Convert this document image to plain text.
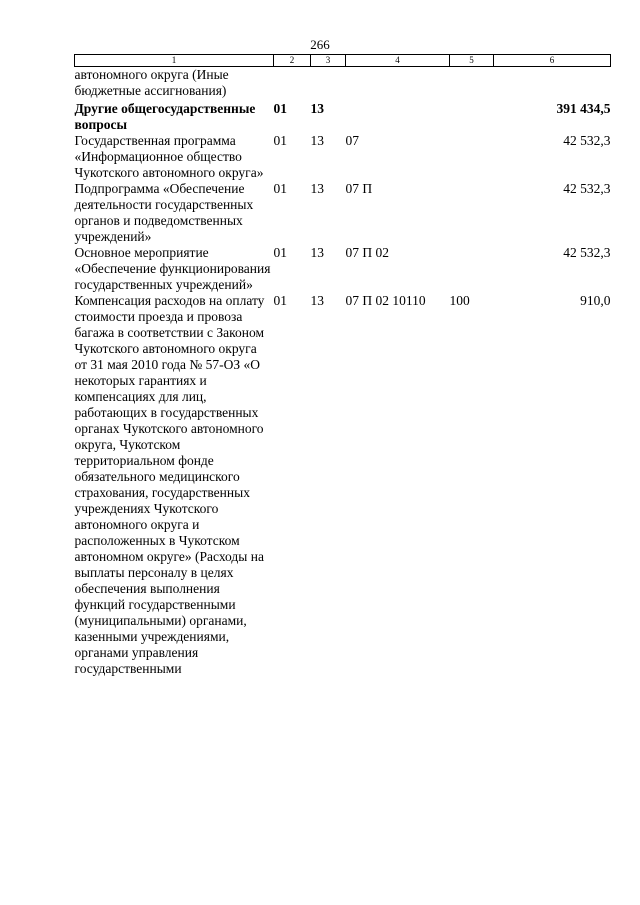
266
1	2	3	4	5	6
автономного округа (Иные бюджетные ассигнования)					
Другие общегосударственные вопросы	01	13			391 434,5
Государственная программа «Информационное общество Чукотского автономного округа»	01	13	07		42 532,3
Подпрограмма «Обеспечение деятельности государственных органов и подведомственных учреждений»	01	13	07 П		42 532,3
Основное мероприятие «Обеспечение функционирования государственных учреждений»	01	13	07 П 02		42 532,3
Компенсация расходов на оплату стоимости проезда и провоза багажа в соответствии с Законом Чукотского автономного округа от 31 мая 2010 года № 57-ОЗ «О некоторых гарантиях и компенсациях для лиц, работающих в государственных органах Чукотского автономного округа, Чукотском территориальном фонде обязательного медицинского страхования, государственных учреждениях Чукотского автономного округа и расположенных в Чукотском автономном округе» (Расходы на выплаты персоналу в целях обеспечения выполнения функций государственными (муниципальными) органами, казенными учреждениями, органами управления государственными	01	13	07 П 02 10110	100	910,0
